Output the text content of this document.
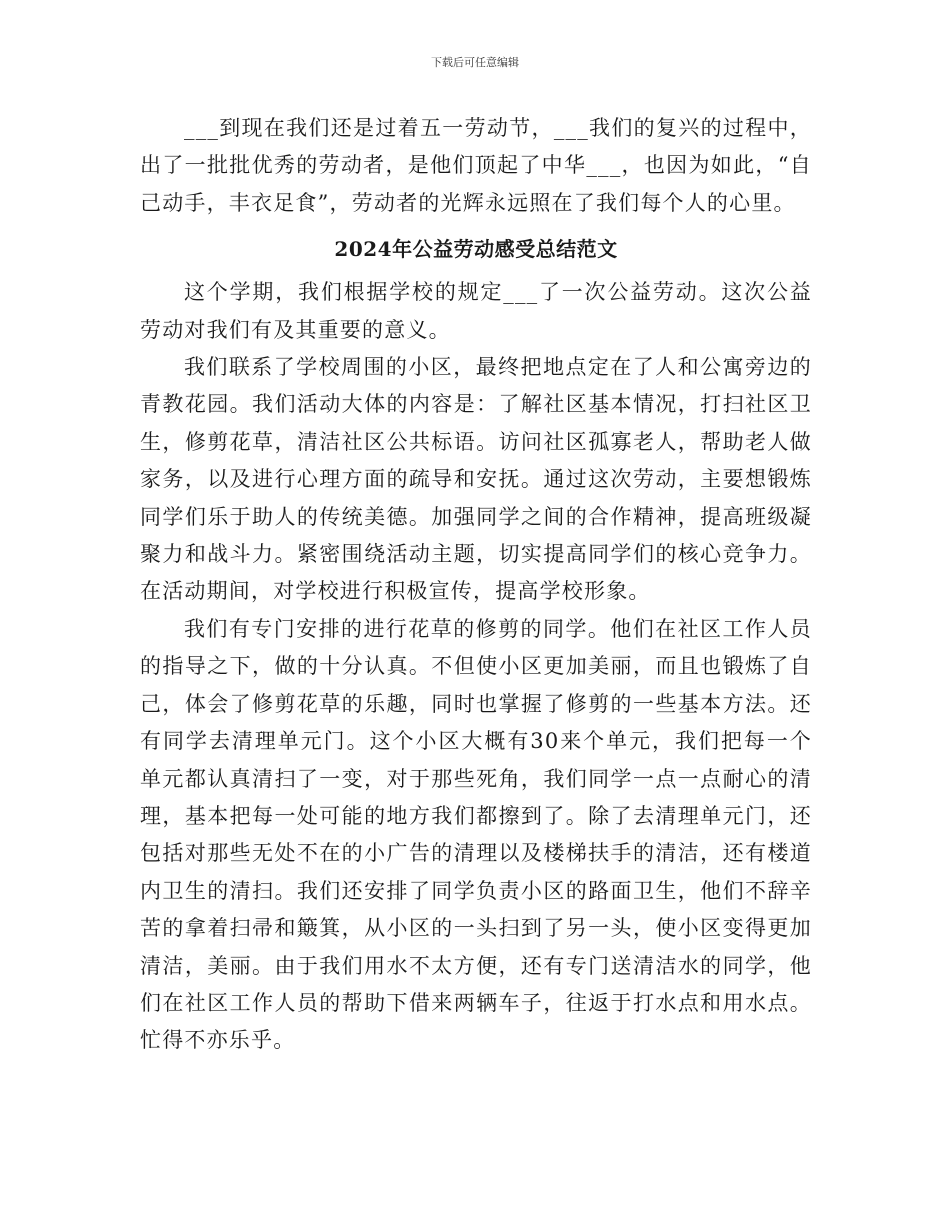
下载后可任意编辑

___到现在我们还是过着五一劳动节，___我们的复兴的过程中，出了一批批优秀的劳动者，是他们顶起了中华___，也因为如此，“自己动手，丰衣足食”，劳动者的光辉永远照在了我们每个人的心里。

2024年公益劳动感受总结范文

这个学期，我们根据学校的规定___了一次公益劳动。这次公益劳动对我们有及其重要的意义。

我们联系了学校周围的小区，最终把地点定在了人和公寓旁边的青教花园。我们活动大体的内容是：了解社区基本情况，打扫社区卫生，修剪花草，清洁社区公共标语。访问社区孤寡老人，帮助老人做家务，以及进行心理方面的疏导和安抚。通过这次劳动，主要想锻炼同学们乐于助人的传统美德。加强同学之间的合作精神，提高班级凝聚力和战斗力。紧密围绕活动主题，切实提高同学们的核心竞争力。在活动期间，对学校进行积极宣传，提高学校形象。

我们有专门安排的进行花草的修剪的同学。他们在社区工作人员的指导之下，做的十分认真。不但使小区更加美丽，而且也锻炼了自己，体会了修剪花草的乐趣，同时也掌握了修剪的一些基本方法。还有同学去清理单元门。这个小区大概有30来个单元，我们把每一个单元都认真清扫了一变，对于那些死角，我们同学一点一点耐心的清理，基本把每一处可能的地方我们都擦到了。除了去清理单元门，还包括对那些无处不在的小广告的清理以及楼梯扶手的清洁，还有楼道内卫生的清扫。我们还安排了同学负责小区的路面卫生，他们不辞辛苦的拿着扫帚和簸箕，从小区的一头扫到了另一头，使小区变得更加清洁，美丽。由于我们用水不太方便，还有专门送清洁水的同学，他们在社区工作人员的帮助下借来两辆车子，往返于打水点和用水点。忙得不亦乐乎。
